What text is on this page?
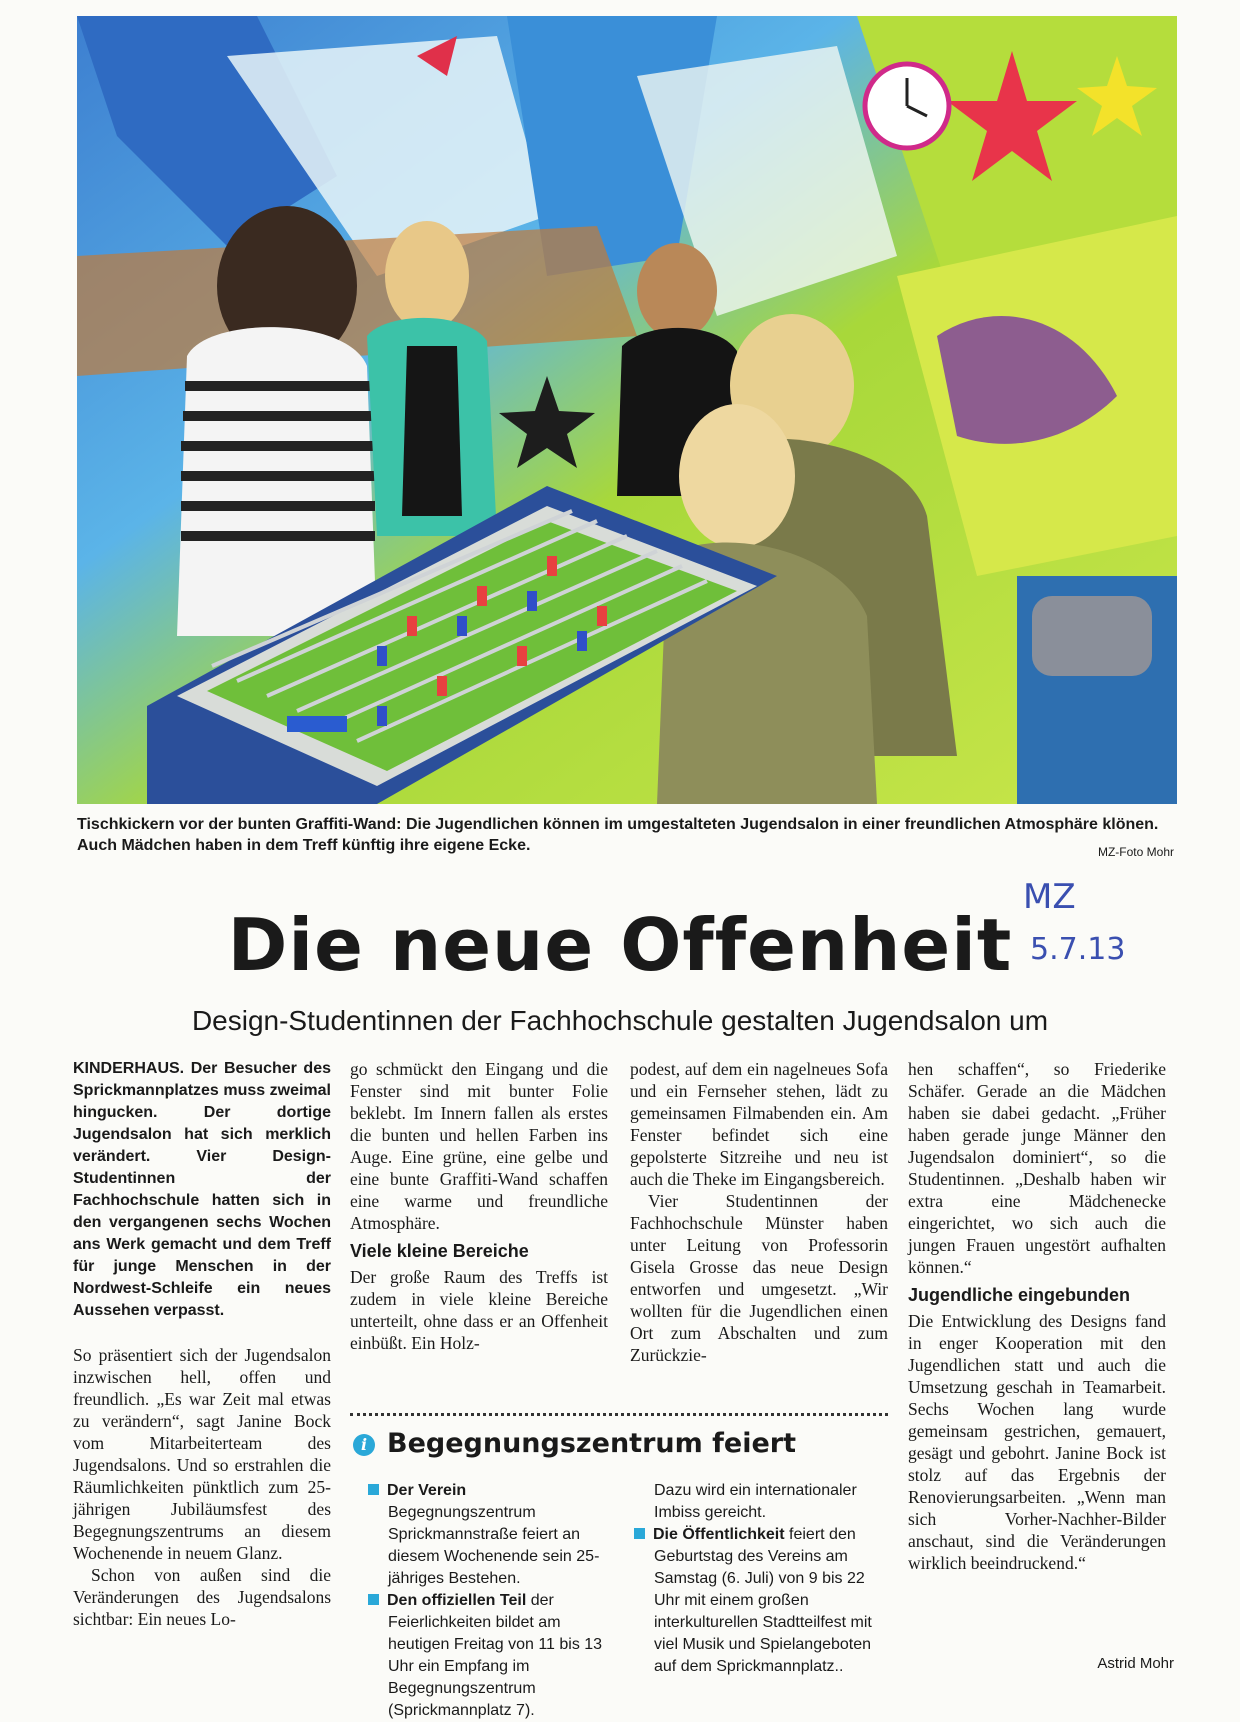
Tischkickern vor der bunten Graffiti-Wand: Die Jugendlichen können im umgestalteten Jugendsalon in einer freundlichen Atmosphäre klönen. Auch Mädchen haben in dem Treff künftig ihre eigene Ecke.	MZ-Foto Mohr
MZ
5.7.13
Die neue Offenheit
Design-Studentinnen der Fachhochschule gestalten Jugendsalon um

KINDERHAUS. Der Besucher des Sprickmannplatzes muss zweimal hingucken. Der dortige Jugendsalon hat sich merklich verändert. Vier Design-Studentinnen der Fachhochschule hatten sich in den vergangenen sechs Wochen ans Werk gemacht und dem Treff für junge Menschen in der Nordwest-Schleife ein neues Aussehen verpasst.

So präsentiert sich der Jugendsalon inzwischen hell, offen und freundlich. „Es war Zeit mal etwas zu verändern“, sagt Janine Bock vom Mitarbeiterteam des Jugendsalons. Und so erstrahlen die Räumlichkeiten pünktlich zum 25-jährigen Jubiläumsfest des Begegnungszentrums an diesem Wochenende in neuem Glanz.

Schon von außen sind die Veränderungen des Jugendsalons sichtbar: Ein neues Lo-

go schmückt den Eingang und die Fenster sind mit bunter Folie beklebt. Im Innern fallen als erstes die bunten und hellen Farben ins Auge. Eine grüne, eine gelbe und eine bunte Graffiti-Wand schaffen eine warme und freundliche Atmosphäre.

Viele kleine Bereiche

Der große Raum des Treffs ist zudem in viele kleine Bereiche unterteilt, ohne dass er an Offenheit einbüßt. Ein Holz-

podest, auf dem ein nagelneues Sofa und ein Fernseher stehen, lädt zu gemeinsamen Filmabenden ein. Am Fenster befindet sich eine gepolsterte Sitzreihe und neu ist auch die Theke im Eingangsbereich.

Vier Studentinnen der Fachhochschule Münster haben unter Leitung von Professorin Gisela Grosse das neue Design entworfen und umgesetzt. „Wir wollten für die Jugendlichen einen Ort zum Abschalten und zum Zurückzie-

hen schaffen“, so Friederike Schäfer. Gerade an die Mädchen haben sie dabei gedacht. „Früher haben gerade junge Männer den Jugendsalon dominiert“, so die Studentinnen. „Deshalb haben wir extra eine Mädchenecke eingerichtet, wo sich auch die jungen Frauen ungestört aufhalten können.“

Jugendliche eingebunden

Die Entwicklung des Designs fand in enger Kooperation mit den Jugendlichen statt und auch die Umsetzung geschah in Teamarbeit. Sechs Wochen lang wurde gemeinsam gestrichen, gemauert, gesägt und gebohrt. Janine Bock ist stolz auf das Ergebnis der Renovierungsarbeiten. „Wenn man sich Vorher-Nachher-Bilder anschaut, sind die Veränderungen wirklich beeindruckend.“

Astrid Mohr
i Begegnungszentrum feiert

Der Verein Begegnungszentrum Sprickmannstraße feiert an diesem Wochenende sein 25-jähriges Bestehen.

Den offiziellen Teil der Feierlichkeiten bildet am heutigen Freitag von 11 bis 13 Uhr ein Empfang im Begegnungszentrum (Sprickmannplatz 7).

Dazu wird ein internationaler Imbiss gereicht.

Die Öffentlichkeit feiert den Geburtstag des Vereins am Samstag (6. Juli) von 9 bis 22 Uhr mit einem großen interkulturellen Stadtteilfest mit viel Musik und Spielangeboten auf dem Sprickmannplatz..
